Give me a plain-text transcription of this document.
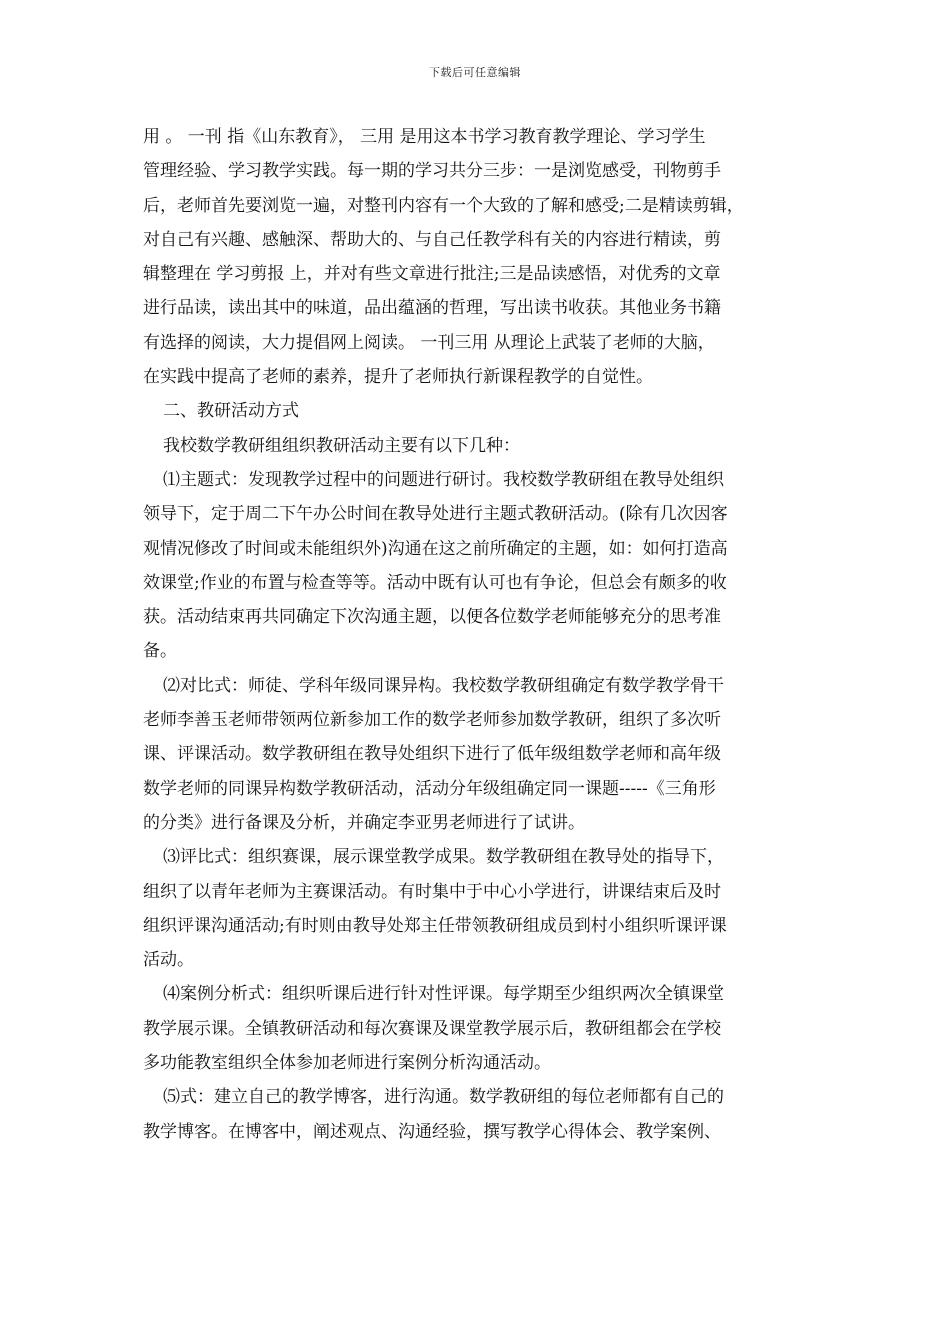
下载后可任意编辑
用 。 一刊 指《山东教育》， 三用 是用这本书学习教育教学理论、学习学生
管理经验、学习教学实践。每一期的学习共分三步：一是浏览感受，刊物剪手
后，老师首先要浏览一遍，对整刊内容有一个大致的了解和感受;二是精读剪辑，
对自己有兴趣、感触深、帮助大的、与自己任教学科有关的内容进行精读，剪
辑整理在 学习剪报 上，并对有些文章进行批注;三是品读感悟，对优秀的文章
进行品读，读出其中的味道，品出蕴涵的哲理，写出读书收获。其他业务书籍
有选择的阅读，大力提倡网上阅读。 一刊三用 从理论上武装了老师的大脑，
在实践中提高了老师的素养，提升了老师执行新课程教学的自觉性。
二、教研活动方式
我校数学教研组组织教研活动主要有以下几种：
⑴主题式：发现教学过程中的问题进行研讨。我校数学教研组在教导处组织
领导下，定于周二下午办公时间在教导处进行主题式教研活动。(除有几次因客
观情况修改了时间或未能组织外)沟通在这之前所确定的主题，如：如何打造高
效课堂;作业的布置与检查等等。活动中既有认可也有争论，但总会有颇多的收
获。活动结束再共同确定下次沟通主题，以便各位数学老师能够充分的思考准
备。
⑵对比式：师徒、学科年级同课异构。我校数学教研组确定有数学教学骨干
老师李善玉老师带领两位新参加工作的数学老师参加数学教研，组织了多次听
课、评课活动。数学教研组在教导处组织下进行了低年级组数学老师和高年级
数学老师的同课异构数学教研活动，活动分年级组确定同一课题-----《三角形
的分类》进行备课及分析，并确定李亚男老师进行了试讲。
⑶评比式：组织赛课，展示课堂教学成果。数学教研组在教导处的指导下，
组织了以青年老师为主赛课活动。有时集中于中心小学进行，讲课结束后及时
组织评课沟通活动;有时则由教导处郑主任带领教研组成员到村小组织听课评课
活动。
⑷案例分析式：组织听课后进行针对性评课。每学期至少组织两次全镇课堂
教学展示课。全镇教研活动和每次赛课及课堂教学展示后，教研组都会在学校
多功能教室组织全体参加老师进行案例分析沟通活动。
⑸式：建立自己的教学博客，进行沟通。数学教研组的每位老师都有自己的
教学博客。在博客中，阐述观点、沟通经验，撰写教学心得体会、教学案例、
